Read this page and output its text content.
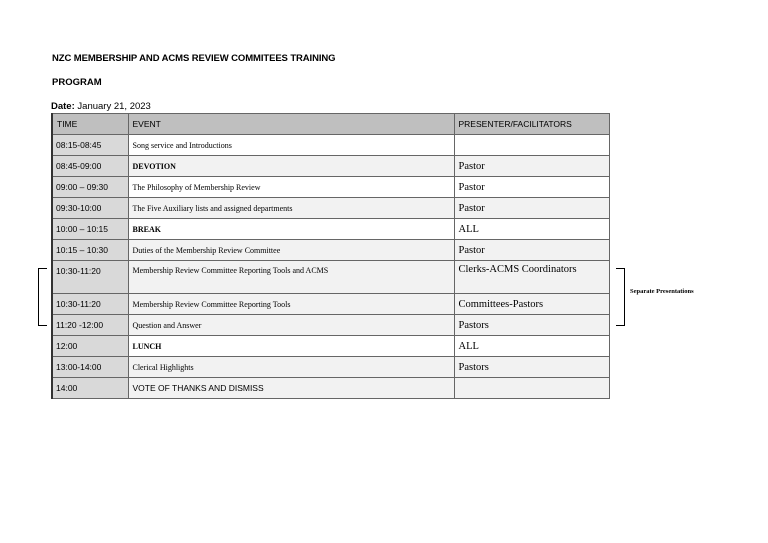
NZC MEMBERSHIP AND ACMS REVIEW COMMITEES TRAINING
PROGRAM
Date: January 21, 2023
TIME	EVENT	PRESENTER/FACILITATORS
08:15-08:45	Song service and Introductions	
08:45-09:00	DEVOTION	Pastor
09:00 – 09:30	The Philosophy of Membership Review	Pastor
09:30-10:00	The Five Auxiliary lists and assigned departments	Pastor
10:00 – 10:15	BREAK	ALL
10:15 – 10:30	Duties of the Membership Review Committee	Pastor
10:30-11:20	Membership Review Committee Reporting Tools and ACMS	Clerks-ACMS Coordinators
10:30-11:20	Membership Review Committee Reporting Tools	Committees-Pastors
11:20 -12:00	Question and Answer	Pastors
12:00	LUNCH	ALL
13:00-14:00	Clerical Highlights	Pastors
14:00	VOTE OF THANKS AND DISMISS	
Separate Presentations
